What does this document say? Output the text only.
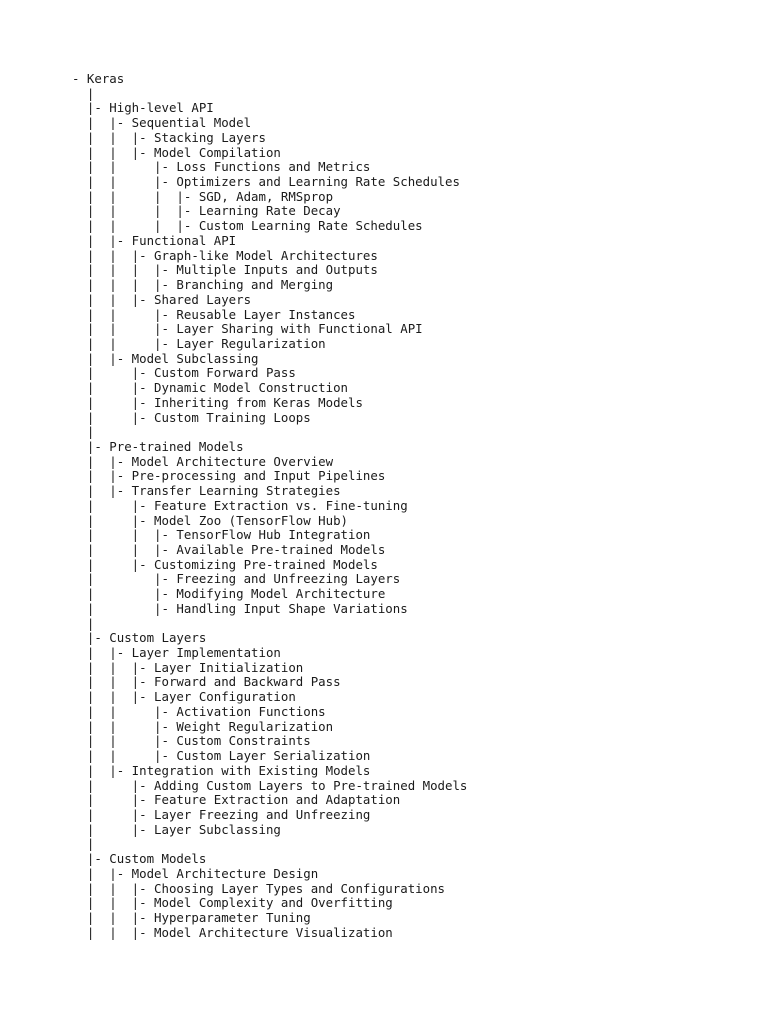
- Keras
|
|- High-level API
|  |- Sequential Model
|  |  |- Stacking Layers
|  |  |- Model Compilation
|  |     |- Loss Functions and Metrics
|  |     |- Optimizers and Learning Rate Schedules
|  |     |  |- SGD, Adam, RMSprop
|  |     |  |- Learning Rate Decay
|  |     |  |- Custom Learning Rate Schedules
|  |- Functional API
|  |  |- Graph-like Model Architectures
|  |  |  |- Multiple Inputs and Outputs
|  |  |  |- Branching and Merging
|  |  |- Shared Layers
|  |     |- Reusable Layer Instances
|  |     |- Layer Sharing with Functional API
|  |     |- Layer Regularization
|  |- Model Subclassing
|     |- Custom Forward Pass
|     |- Dynamic Model Construction
|     |- Inheriting from Keras Models
|     |- Custom Training Loops
|
|- Pre-trained Models
|  |- Model Architecture Overview
|  |- Pre-processing and Input Pipelines
|  |- Transfer Learning Strategies
|     |- Feature Extraction vs. Fine-tuning
|     |- Model Zoo (TensorFlow Hub)
|     |  |- TensorFlow Hub Integration
|     |  |- Available Pre-trained Models
|     |- Customizing Pre-trained Models
|        |- Freezing and Unfreezing Layers
|        |- Modifying Model Architecture
|        |- Handling Input Shape Variations
|
|- Custom Layers
|  |- Layer Implementation
|  |  |- Layer Initialization
|  |  |- Forward and Backward Pass
|  |  |- Layer Configuration
|  |     |- Activation Functions
|  |     |- Weight Regularization
|  |     |- Custom Constraints
|  |     |- Custom Layer Serialization
|  |- Integration with Existing Models
|     |- Adding Custom Layers to Pre-trained Models
|     |- Feature Extraction and Adaptation
|     |- Layer Freezing and Unfreezing
|     |- Layer Subclassing
|
|- Custom Models
|  |- Model Architecture Design
|  |  |- Choosing Layer Types and Configurations
|  |  |- Model Complexity and Overfitting
|  |  |- Hyperparameter Tuning
|  |  |- Model Architecture Visualization
